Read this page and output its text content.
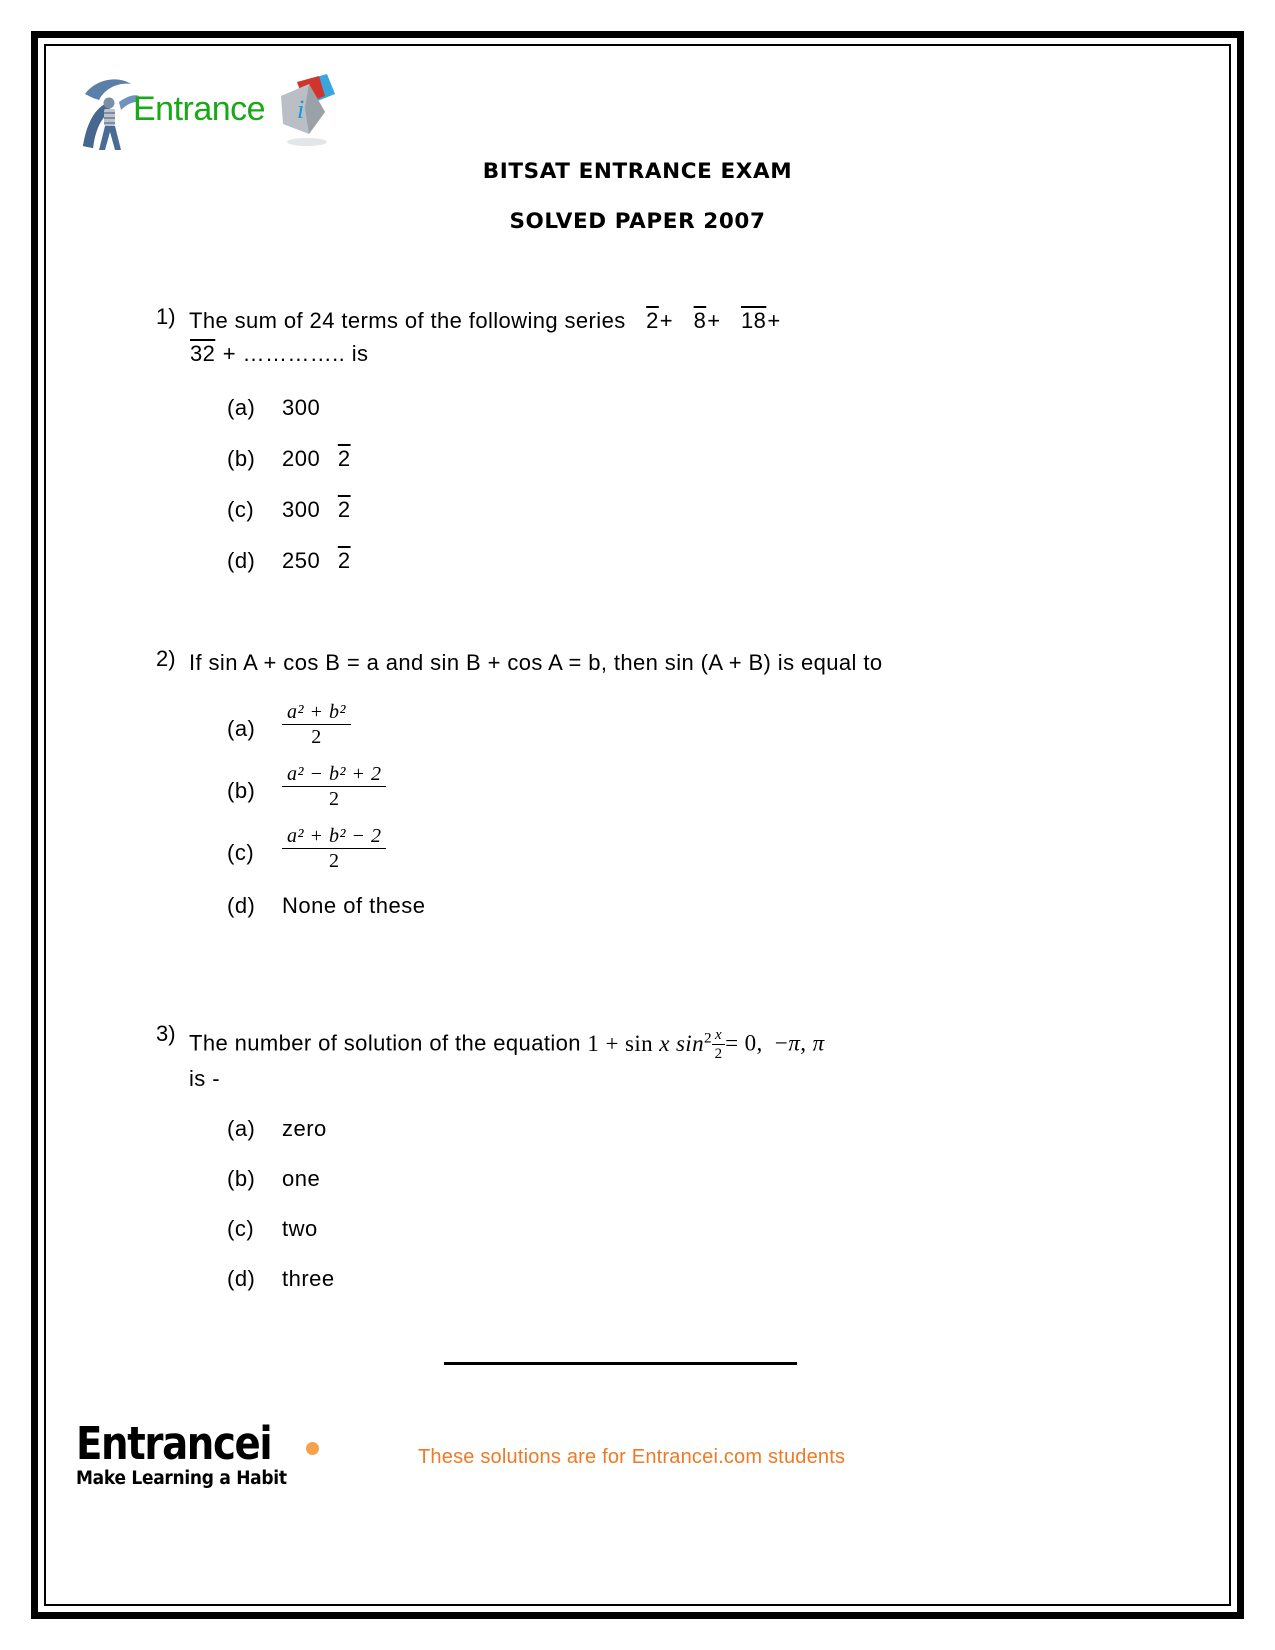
Entrance i
BITSAT ENTRANCE EXAM
SOLVED PAPER 2007
1) The sum of 24 terms of the following series 2+ 8+ 18+
32 + ………….. is
(a) 300
(b) 200 2
(c) 300 2
(d) 250 2
2) If sin A + cos B = a and sin B + cos A = b, then sin (A + B) is equal to
$(a) \frac{\text{a² + b²}}{2}$
$(b) \frac{\text{a² − b² + 2}}{2}$
$(c) \frac{\text{a² + b² − 2}}{2}$
(d) None of these
3) The number of solution of the equation 1 + sin x $\sin^2 \frac{x}{2} = 0$,  −π, π
is -
(a) zero
(b) one
(c) two
(d) three
Entrancei
Make Learning a Habit
These solutions are for Entrancei.com students
